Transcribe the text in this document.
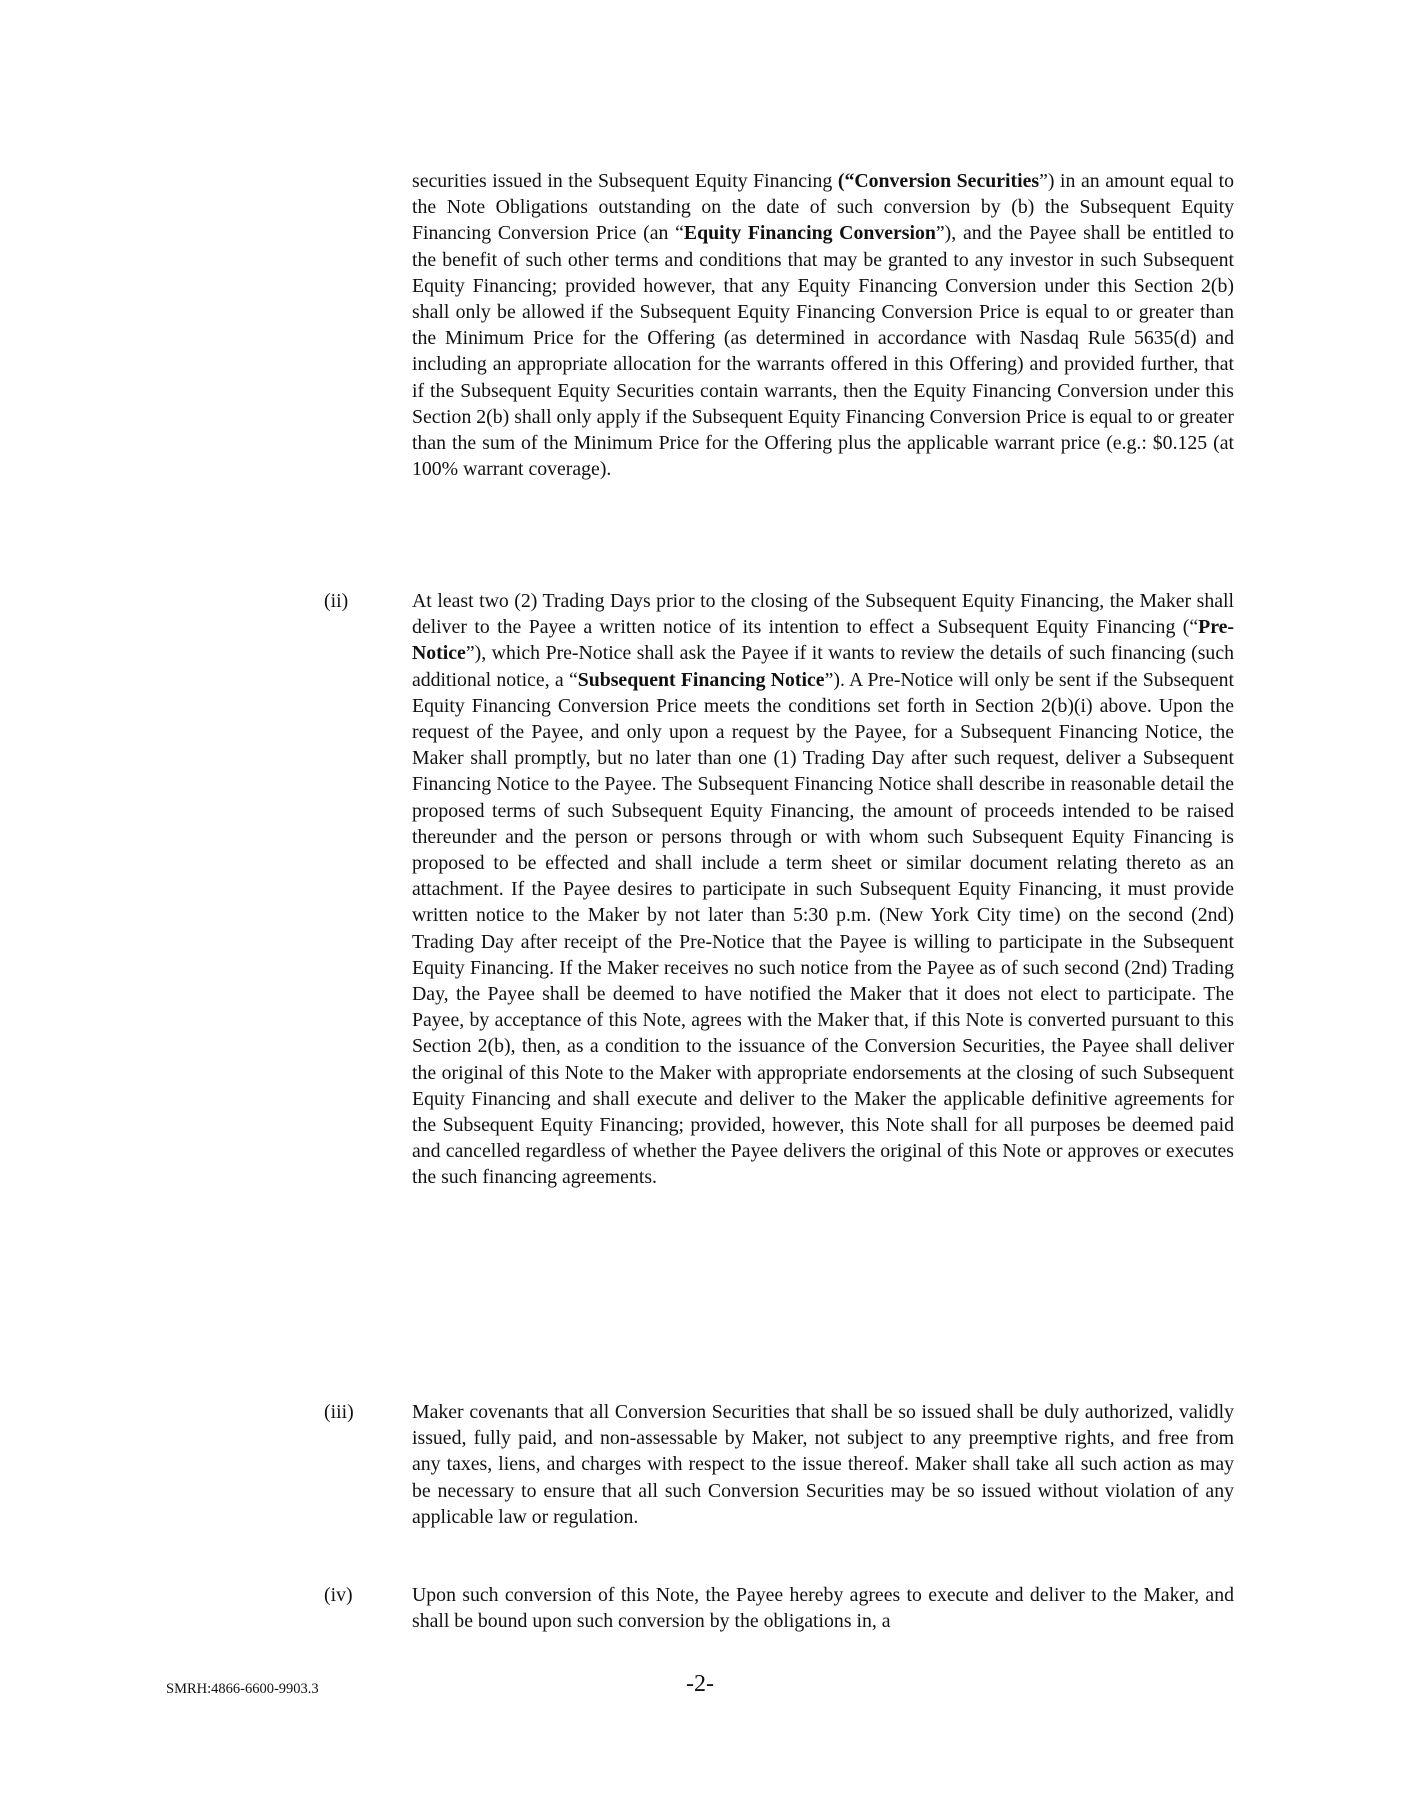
securities issued in the Subsequent Equity Financing (“Conversion Securities”) in an amount equal to the Note Obligations outstanding on the date of such conversion by (b) the Subsequent Equity Financing Conversion Price (an “Equity Financing Conversion”), and the Payee shall be entitled to the benefit of such other terms and conditions that may be granted to any investor in such Subsequent Equity Financing; provided however, that any Equity Financing Conversion under this Section 2(b) shall only be allowed if the Subsequent Equity Financing Conversion Price is equal to or greater than the Minimum Price for the Offering (as determined in accordance with Nasdaq Rule 5635(d) and including an appropriate allocation for the warrants offered in this Offering) and provided further, that if the Subsequent Equity Securities contain warrants, then the Equity Financing Conversion under this Section 2(b) shall only apply if the Subsequent Equity Financing Conversion Price is equal to or greater than the sum of the Minimum Price for the Offering plus the applicable warrant price (e.g.: $0.125 (at 100% warrant coverage).

(ii)	At least two (2) Trading Days prior to the closing of the Subsequent Equity Financing, the Maker shall deliver to the Payee a written notice of its intention to effect a Subsequent Equity Financing (“Pre-Notice”), which Pre-Notice shall ask the Payee if it wants to review the details of such financing (such additional notice, a “Subsequent Financing Notice”). A Pre-Notice will only be sent if the Subsequent Equity Financing Conversion Price meets the conditions set forth in Section 2(b)(i) above. Upon the request of the Payee, and only upon a request by the Payee, for a Subsequent Financing Notice, the Maker shall promptly, but no later than one (1) Trading Day after such request, deliver a Subsequent Financing Notice to the Payee. The Subsequent Financing Notice shall describe in reasonable detail the proposed terms of such Subsequent Equity Financing, the amount of proceeds intended to be raised thereunder and the person or persons through or with whom such Subsequent Equity Financing is proposed to be effected and shall include a term sheet or similar document relating thereto as an attachment. If the Payee desires to participate in such Subsequent Equity Financing, it must provide written notice to the Maker by not later than 5:30 p.m. (New York City time) on the second (2nd) Trading Day after receipt of the Pre-Notice that the Payee is willing to participate in the Subsequent Equity Financing. If the Maker receives no such notice from the Payee as of such second (2nd) Trading Day, the Payee shall be deemed to have notified the Maker that it does not elect to participate. The Payee, by acceptance of this Note, agrees with the Maker that, if this Note is converted pursuant to this Section 2(b), then, as a condition to the issuance of the Conversion Securities, the Payee shall deliver the original of this Note to the Maker with appropriate endorsements at the closing of such Subsequent Equity Financing and shall execute and deliver to the Maker the applicable definitive agreements for the Subsequent Equity Financing; provided, however, this Note shall for all purposes be deemed paid and cancelled regardless of whether the Payee delivers the original of this Note or approves or executes the such financing agreements.

(iii)	Maker covenants that all Conversion Securities that shall be so issued shall be duly authorized, validly issued, fully paid, and non-assessable by Maker, not subject to any preemptive rights, and free from any taxes, liens, and charges with respect to the issue thereof. Maker shall take all such action as may be necessary to ensure that all such Conversion Securities may be so issued without violation of any applicable law or regulation.

(iv)	Upon such conversion of this Note, the Payee hereby agrees to execute and deliver to the Maker, and shall be bound upon such conversion by the obligations in, a

SMRH:4866-6600-9903.3	-2-
